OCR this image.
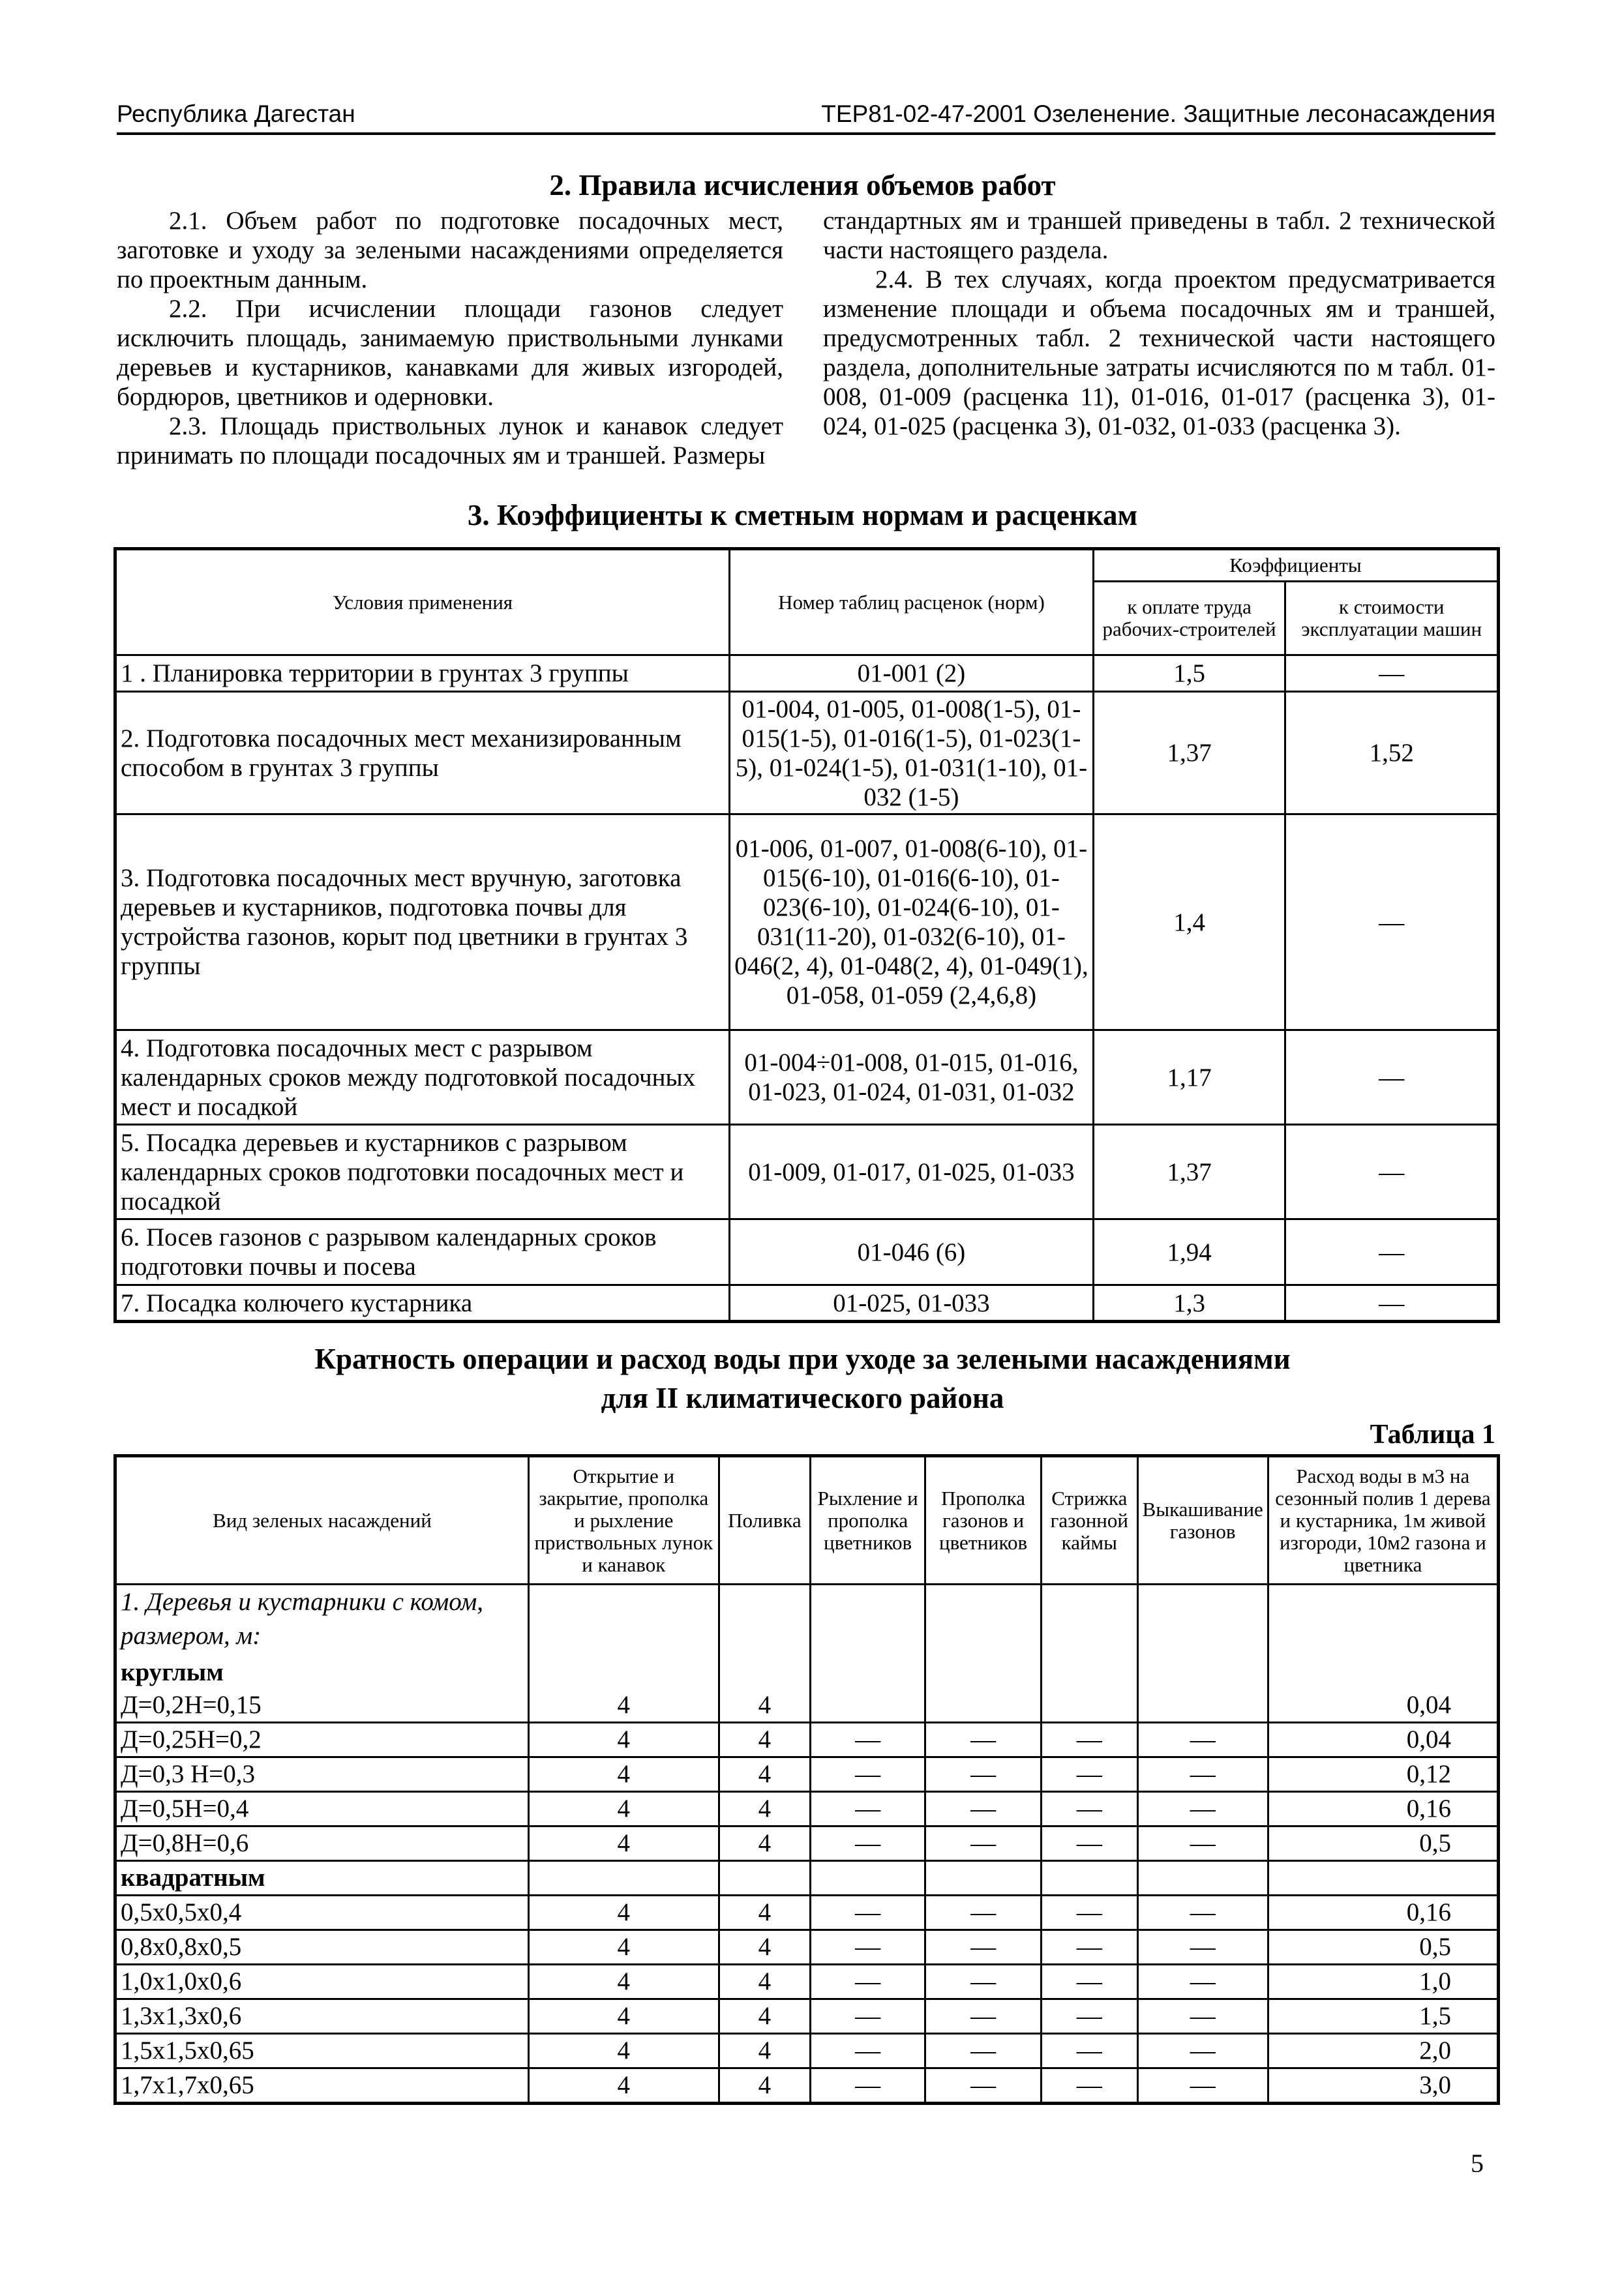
Республика Дагестан	ТЕР81-02-47-2001 Озеленение. Защитные лесонасаждения
2. Правила исчисления объемов работ

2.1. Объем работ по подготовке посадочных мест, заготовке и уходу за зелеными насаждениями определяется по проектным данным.

2.2. При исчислении площади газонов следует исключить площадь, занимаемую приствольными лунками деревьев и кустарников, канавками для живых изгородей, бордюров, цветников и одерновки.

2.3. Площадь приствольных лунок и канавок следует принимать по площади посадочных ям и траншей. Размеры

стандартных ям и траншей приведены в табл. 2 технической части настоящего раздела.

2.4. В тех случаях, когда проектом предусматривается изменение площади и объема посадочных ям и траншей, предусмотренных табл. 2 технической части настоящего раздела, дополнительные затраты исчисляются по м табл. 01-008, 01-009 (расценка 11), 01-016, 01-017 (расценка 3), 01-024, 01-025 (расценка 3), 01-032, 01-033 (расценка 3).

3. Коэффициенты к сметным нормам и расценкам
Условия применения	Номер таблиц расценок (норм)	Коэффициенты	
		к оплате труда рабочих-строителей	к стоимости эксплуатации машин
1 . Планировка территории в грунтах 3 группы	01-001 (2)	1,5	—
2. Подготовка посадочных мест механизированным способом в грунтах 3 группы	01-004, 01-005, 01-008(1-5), 01-015(1-5), 01-016(1-5), 01-023(1-5), 01-024(1-5), 01-031(1-10), 01-032 (1-5)	1,37	1,52
3. Подготовка посадочных мест вручную, заготовка деревьев и кустарников, подготовка почвы для устройства газонов, корыт под цветники в грунтах 3 группы	01-006, 01-007, 01-008(6-10), 01-015(6-10), 01-016(6-10), 01-023(6-10), 01-024(6-10), 01-031(11-20), 01-032(6-10), 01-046(2, 4), 01-048(2, 4), 01-049(1), 01-058, 01-059 (2,4,6,8)	1,4	—
4. Подготовка посадочных мест с разрывом календарных сроков между подготовкой посадочных мест и посадкой	01-004÷01-008, 01-015, 01-016, 01-023, 01-024, 01-031, 01-032	1,17	—
5. Посадка деревьев и кустарников с разрывом календарных сроков подготовки посадочных мест и посадкой	01-009, 01-017, 01-025, 01-033	1,37	—
6. Посев газонов с разрывом календарных сроков подготовки почвы и посева	01-046 (6)	1,94	—
7. Посадка колючего кустарника	01-025, 01-033	1,3	—
Кратность операции и расход воды при уходе за зелеными насаждениями
для II климатического района
Таблица 1
Вид зеленых насаждений	Открытие и закрытие, прополка и рыхление приствольных лунок и канавок	Поливка	Рыхление и прополка цветников	Прополка газонов и цветников	Стрижка газонной каймы	Выкашивание газонов	Расход воды в м3 на сезонный полив 1 дерева и кустарника, 1м живой изгороди, 10м2 газона и цветника
1. Деревья и кустарники с комом, размером, м:							
круглым							
Д=0,2Н=0,15	4	4					0,04
Д=0,25Н=0,2	4	4	—	—	—	—	0,04
Д=0,3 Н=0,3	4	4	—	—	—	—	0,12
Д=0,5Н=0,4	4	4	—	—	—	—	0,16
Д=0,8Н=0,6	4	4	—	—	—	—	0,5
квадратным							
0,5x0,5x0,4	4	4	—	—	—	—	0,16
0,8x0,8x0,5	4	4	—	—	—	—	0,5
1,0x1,0x0,6	4	4	—	—	—	—	1,0
1,3x1,3x0,6	4	4	—	—	—	—	1,5
1,5x1,5x0,65	4	4	—	—	—	—	2,0
1,7x1,7x0,65	4	4	—	—	—	—	3,0
5
